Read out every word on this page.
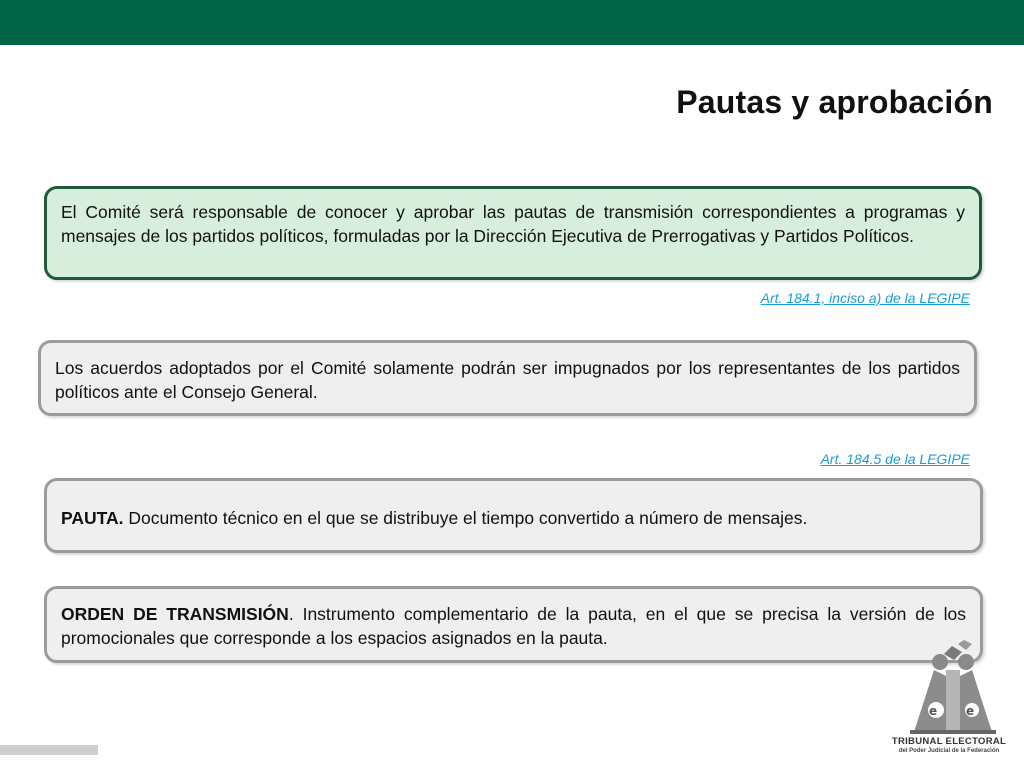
Pautas y aprobación
El Comité será responsable de conocer y aprobar las pautas de transmisión correspondientes a programas y mensajes de los partidos políticos, formuladas por la Dirección Ejecutiva de Prerrogativas y Partidos Políticos.
Art. 184.1, inciso a) de la LEGIPE
Los acuerdos adoptados por el Comité solamente podrán ser impugnados por los representantes de los partidos políticos ante el Consejo General.
Art. 184.5 de la LEGIPE
PAUTA. Documento técnico en el que se distribuye el tiempo convertido a número de mensajes.
ORDEN DE TRANSMISIÓN. Instrumento complementario de la pauta, en el que se precisa la versión de los promocionales que corresponde a los espacios asignados en la pauta.
e e
TRIBUNAL ELECTORAL
del Poder Judicial de la Federación
